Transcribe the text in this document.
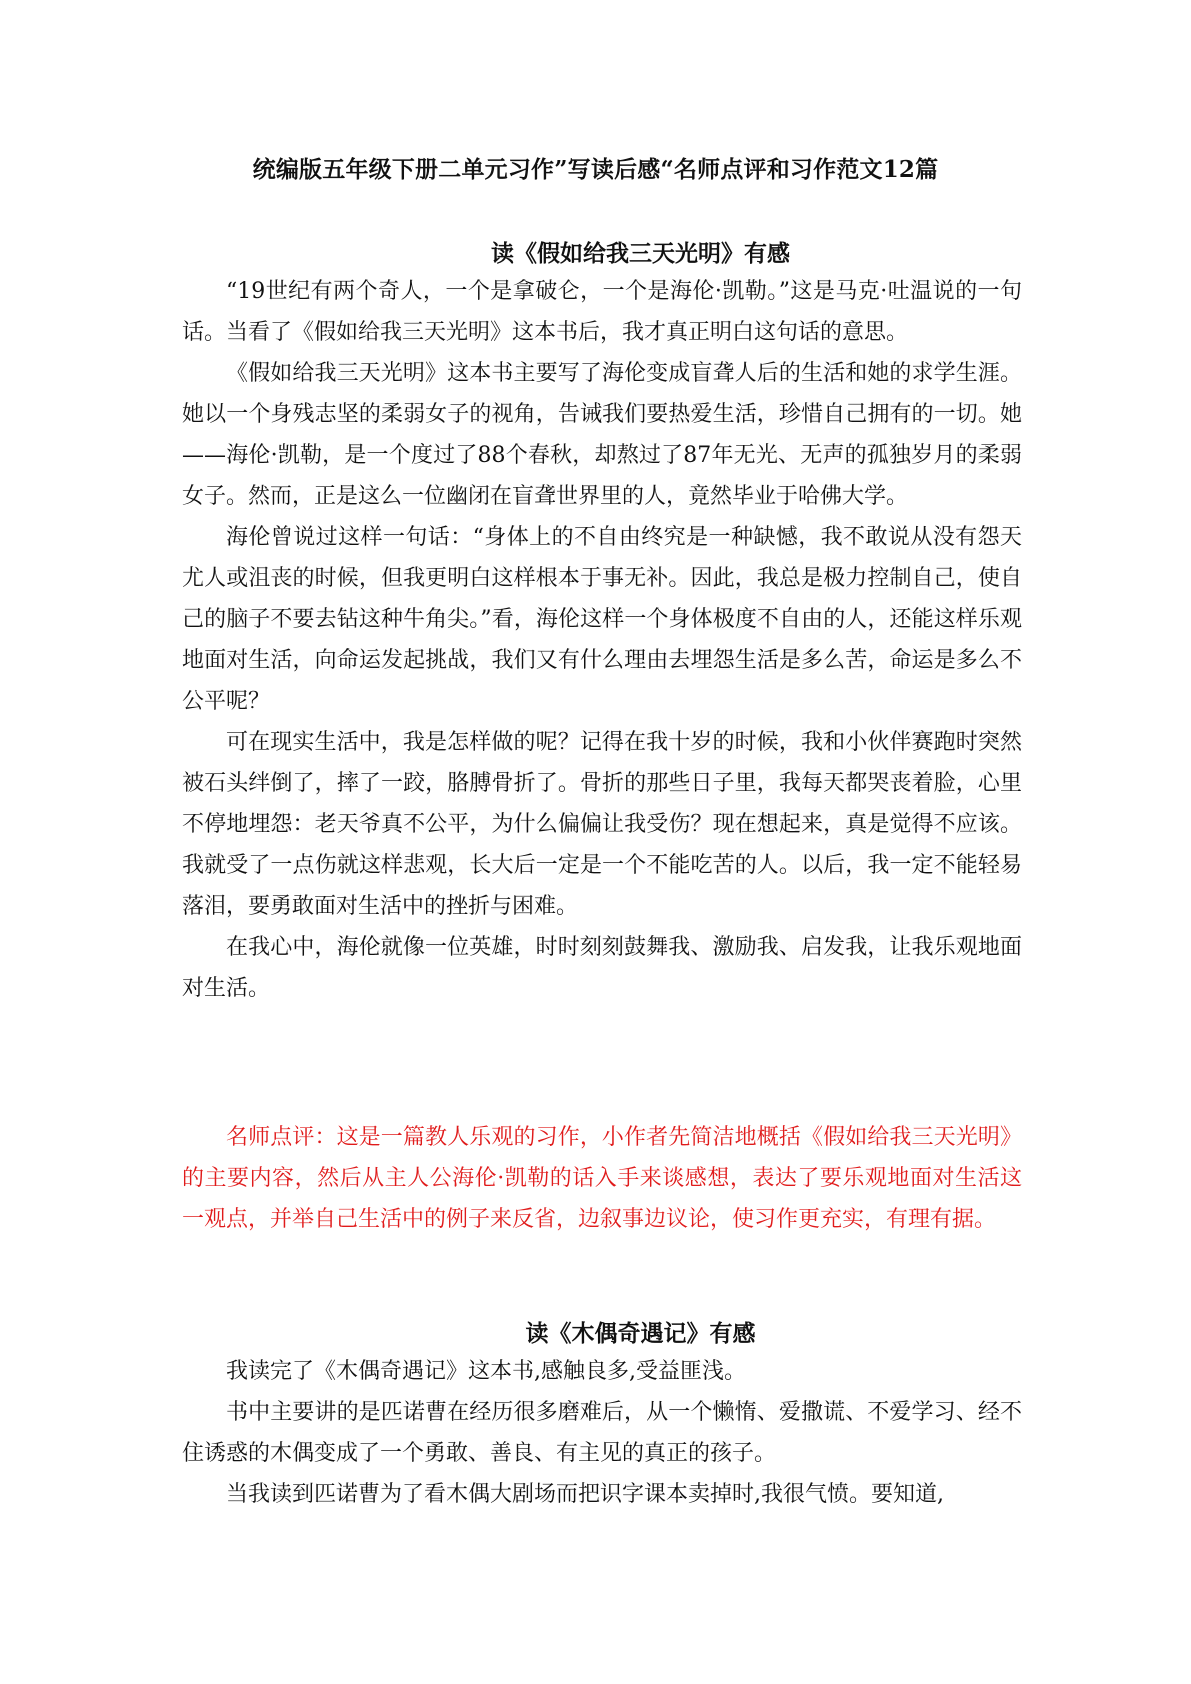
统编版五年级下册二单元习作”写读后感“名师点评和习作范文12篇
读《假如给我三天光明》有感

“19世纪有两个奇人，一个是拿破仑，一个是海伦·凯勒。”这是马克·吐温说的一句话。当看了《假如给我三天光明》这本书后，我才真正明白这句话的意思。

《假如给我三天光明》这本书主要写了海伦变成盲聋人后的生活和她的求学生涯。她以一个身残志坚的柔弱女子的视角，告诫我们要热爱生活，珍惜自己拥有的一切。她——海伦·凯勒，是一个度过了88个春秋，却熬过了87年无光、无声的孤独岁月的柔弱女子。然而，正是这么一位幽闭在盲聋世界里的人，竟然毕业于哈佛大学。

海伦曾说过这样一句话：“身体上的不自由终究是一种缺憾，我不敢说从没有怨天尤人或沮丧的时候，但我更明白这样根本于事无补。因此，我总是极力控制自己，使自己的脑子不要去钻这种牛角尖。”看，海伦这样一个身体极度不自由的人，还能这样乐观地面对生活，向命运发起挑战，我们又有什么理由去埋怨生活是多么苦，命运是多么不公平呢？

可在现实生活中，我是怎样做的呢？记得在我十岁的时候，我和小伙伴赛跑时突然被石头绊倒了，摔了一跤，胳膊骨折了。骨折的那些日子里，我每天都哭丧着脸，心里不停地埋怨：老天爷真不公平，为什么偏偏让我受伤？现在想起来，真是觉得不应该。我就受了一点伤就这样悲观，长大后一定是一个不能吃苦的人。以后，我一定不能轻易落泪，要勇敢面对生活中的挫折与困难。

在我心中，海伦就像一位英雄，时时刻刻鼓舞我、激励我、启发我，让我乐观地面对生活。

名师点评：这是一篇教人乐观的习作，小作者先简洁地概括《假如给我三天光明》的主要内容，然后从主人公海伦·凯勒的话入手来谈感想，表达了要乐观地面对生活这一观点，并举自己生活中的例子来反省，边叙事边议论，使习作更充实，有理有据。

读《木偶奇遇记》有感

我读完了《木偶奇遇记》这本书,感触良多,受益匪浅。

书中主要讲的是匹诺曹在经历很多磨难后，从一个懒惰、爱撒谎、不爱学习、经不住诱惑的木偶变成了一个勇敢、善良、有主见的真正的孩子。

当我读到匹诺曹为了看木偶大剧场而把识字课本卖掉时,我很气愤。要知道,
